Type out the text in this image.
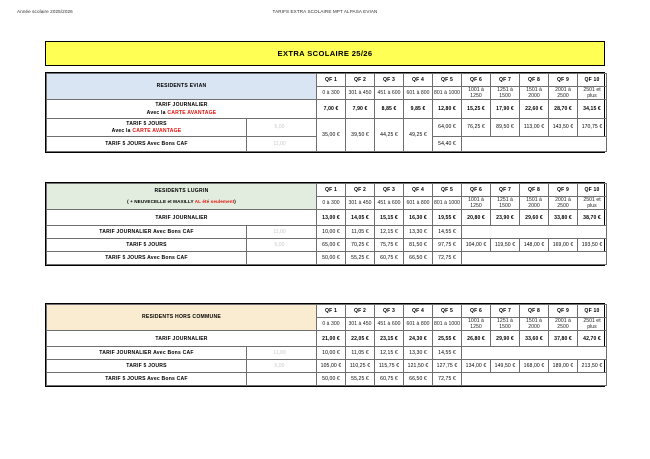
Année scolaire 2025/2026	TARIFS EXTRA SCOLAIRE MPT ALPASA EVIAN
EXTRA SCOLAIRE 25/26
RESIDENTS EVIAN		QF 1	QF 2	QF 3	QF 4	QF 5	QF 6	QF 7	QF 8	QF 9	QF 10
		0 à 300	301 à 450	451 à 600	601 à 800	801 à 1000	1001 à 1250	1251 à 1500	1501 à 2000	2001 à 2500	2501 et plus
TARIF JOURNALIER
Avec la CARTE AVANTAGE		7,00 €	7,90 €	8,85 €	9,85 €	12,80 €	15,25 €	17,90 €	22,60 €	28,70 €	34,15 €
TARIF 5 JOURS
Avec la CARTE AVANTAGE	5,00	35,00 €	39,50 €	44,25 €	49,25 €	64,00 €	76,25 €	89,50 €	113,00 €	143,50 €	170,75 €
TARIF 5 JOURS Avec Bons CAF	11,00					54,40 €					
RESIDENTS LUGRIN
( + NEUVECELLE et MAXILLY AL été seulement)		QF 1	QF 2	QF 3	QF 4	QF 5	QF 6	QF 7	QF 8	QF 9	QF 10
		0 à 300	301 à 450	451 à 600	601 à 800	801 à 1000	1001 à 1250	1251 à 1500	1501 à 2000	2001 à 2500	2501 et plus
TARIF JOURNALIER		13,00 €	14,05 €	15,15 €	16,30 €	19,55 €	20,80 €	23,90 €	29,60 €	33,80 €	38,70 €
TARIF JOURNALIER Avec Bons CAF	11,00	10,00 €	11,05 €	12,15 €	13,30 €	14,55 €					
TARIF 5 JOURS	5,00	65,00 €	70,25 €	75,75 €	81,50 €	97,75 €	104,00 €	119,50 €	148,00 €	169,00 €	193,50 €
TARIF 5 JOURS Avec Bons CAF		50,00 €	55,25 €	60,75 €	66,50 €	72,75 €					
RESIDENTS HORS COMMUNE		QF 1	QF 2	QF 3	QF 4	QF 5	QF 6	QF 7	QF 8	QF 9	QF 10
		0 à 300	301 à 450	451 à 600	601 à 800	801 à 1000	1001 à 1250	1251 à 1500	1501 à 2000	2001 à 2500	2501 et plus
TARIF JOURNALIER		21,00 €	22,05 €	23,15 €	24,30 €	25,55 €	26,80 €	29,90 €	33,60 €	37,80 €	42,70 €
TARIF JOURNALIER Avec Bons CAF	11,00	10,00 €	11,05 €	12,15 €	13,30 €	14,55 €					
TARIF 5 JOURS	5,00	105,00 €	110,25 €	115,75 €	121,50 €	127,75 €	134,00 €	149,50 €	168,00 €	189,00 €	213,50 €
TARIF 5 JOURS Avec Bons CAF		50,00 €	55,25 €	60,75 €	66,50 €	72,75 €					
